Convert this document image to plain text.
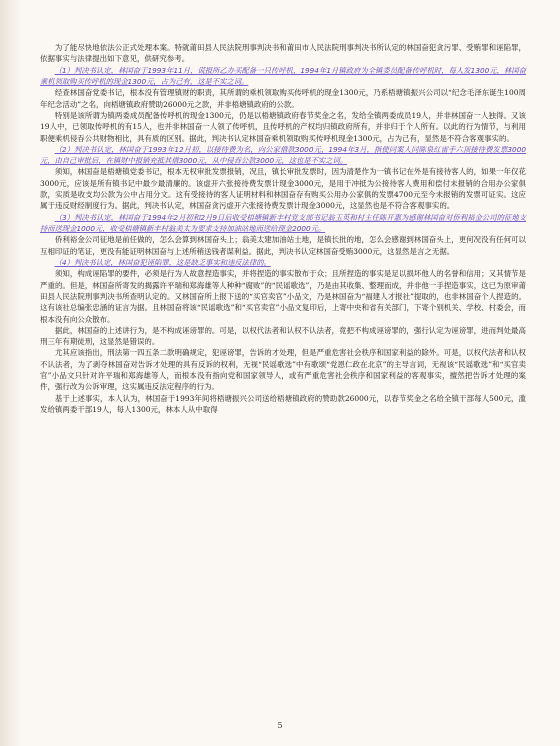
为了能尽快地依法公正式处理本案。特就莆田县人民法院刑事判决书和莆田市人民法院刑事判决书所认定的林国奋犯贪污罪、受贿罪和诬陷罪，依据事实与法律提出如下意见，供研究参考。

（1）判决书认定，林国奋于1993年11月，谎报所乙办买配备一只传呼机，1994年1月镇政府为全镇委员配备传呼机时，每人发1300元，林国奋乘机领取购买传呼机的现金1300元，占为己有，这是不实之词。

经查林国奋党委书记，根本没有管理镇财的职责，其所谓的乘机领取购买传呼机的现金1300元，乃系梧塘镇振兴公司以“纪念毛泽东诞生100周年纪念活动”之名，向梧塘镇政府赞助26000元之款，并非梧塘镇政府的公款。

特别是该所谓为镇两委成员配备传呼机的现金1300元，仍是以梧塘镇政府春节奖金之名，发给全镇两委成员19人，并非林国奋一人独得。又该19人中，已领取传呼机的有15人，也并非林国奋一人领了传呼机，且传呼机的产权均归镇政府所有，并非归于个人所有。以此的行为情节，与利用职便乘机侵吞公共财物相比，具有质的区别。据此，判决书认定林国奋乘机领取购买传呼机现金1300元，占为己有，显然是不符合客观事实的。

（2）判决书认定，林国奋于1993年12月初，以接待费为名，向公家借款3000元，1994年3月，指使同案人同陈泉红雷手六顶接待费发票3000元，由自己审批后，在镇财中报销充抵其借3000元，从中侵吞公款3000元，这也是不实之词。

须知，林国奋是梧塘镇党委书记，根本无权审批发票报销，况且，镇长审批发票时，因为清楚作为一镇书记在外是有接待客人的，如果一年仅花3000元，应该是所有镇书记中最少最清廉的。该虚开六张接待费发票计现金3000元，是用于冲抵为公接待客人费用和偿付未报销的合用办公家俱款，实质是收支均公款为公中占用分文。这有受接待的客人证明材料和林国奋存有购买公用办公家俱的发票4700元至今未报销的发票可证实。这应属于违反财经制度行为。据此，判决书认定，林国奋贪污虚开六张接待费发票计现金3000元，这显然也是不符合客观事实的。

（3）判决书认定，林国奋于1994年2月初和2月9日后收受梧塘镇新丰村党支部书记翁玉英和村主任陈开惠为感谢林国奋对侨利裕金公司的征地支持而送现金1000元，收受梧塘镇新丰村翁美太为要求支持加油站地而送给现金2000元。

侨利裕金公司征地是前任做的，怎么会算到林国奋头上；翁美太建加油站土地，是镇长批的地，怎么会感谢到林国奋头上，更何况没有任何可以互相印证的笔证，更没有能证明林国奋与上述所稍送钱者谋利益。据此，判决书认定林国奋受贿3000元，这显然是言之无据。

（4）判决书认定，林国奋犯诬陷罪，这是缺乏事实和违反法律的。

须知，构成诬陷罪的要件，必须是行为人故意捏造事实，并将捏造的事实散布于众；且所捏造的事实是足以损坏他人的名誉和信用；又其情节是严重的。但是，林国奋所寄发的揭露许平瑞和郑海雄等人种种“腐败”的“民谣歌选”，乃是由其收集、整理而成，并非他一手捏造事实，这已为原审莆田县人民法院刑事判决书所查明认定的。又林国奋所上报下送的“买官卖官”小品文，乃是林国奋为“福建人才报社”提取的，也非林国奋个人捏造的。这有该社总编张忠涵的证言为据。且林国奋将该“民谣歌选”和“买官卖官”小品文复印后，上寄中央和省有关部门，下寄个别机关、学校、村委会，而根本没有向公众散布。

据此，林国奋的上述讲行为，是不构成诬谤罪的。可是，以权代法者和认权不认法者，竟把不构成诬谤罪的，强行认定为诬谤罪，进而判处最高刑三年有期徒刑，这显然是错误的。

尤其应该指出，刑法第一四五条二款明确规定，犯诬谤罪，告诉的才处理，但是严重危害社会秩序和国家利益的除外。可是，以权代法者和认权不认法者，为了剥夺林国奋对告诉才处理的具有反诉的权利，无视“民谣歌选”中有歌颂“党恩仁政在北京”的主导言词，无视该“民谣歌选”和“买官卖官”小品文只针对许平瑞和郑海雄等人，而根本没有指向党和国家领导人，或有严重危害社会秩序和国家利益的客观事实，擅然把告诉才处理的案件，强行改为公诉审理，这实属违反法定程序的行为。

基于上述事实，本人认为，林国奋于1993年间将梧塘振兴公司送给梧塘镇政府的赞助款26000元，以春节奖金之名给全镇干部每人500元，滥发给镇两委干部19人，每人1300元，林本人从中取得

5
